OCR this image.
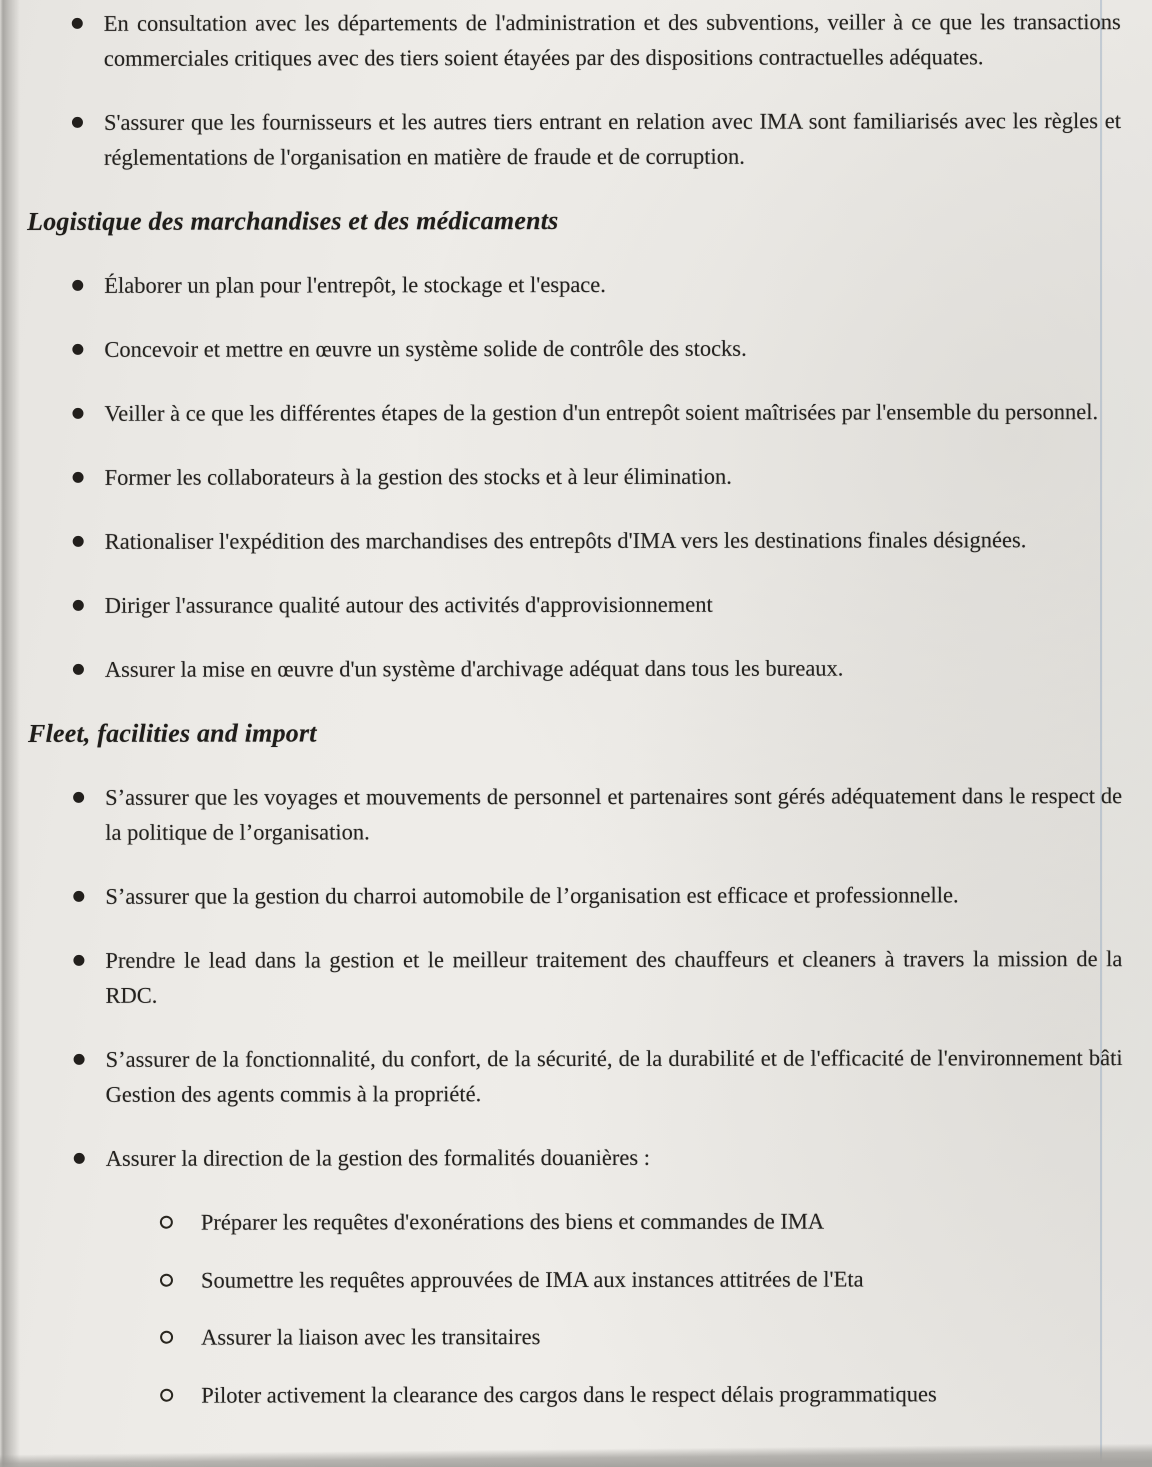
En consultation avec les départements de l'administration et des subventions, veiller à ce que les transactions commerciales critiques avec des tiers soient étayées par des dispositions contractuelles adéquates.

S'assurer que les fournisseurs et les autres tiers entrant en relation avec IMA sont familiarisés avec les règles et réglementations de l'organisation en matière de fraude et de corruption.

Logistique des marchandises et des médicaments

Élaborer un plan pour l'entrepôt, le stockage et l'espace.

Concevoir et mettre en œuvre un système solide de contrôle des stocks.

Veiller à ce que les différentes étapes de la gestion d'un entrepôt soient maîtrisées par l'ensemble du personnel.

Former les collaborateurs à la gestion des stocks et à leur élimination.

Rationaliser l'expédition des marchandises des entrepôts d'IMA vers les destinations finales désignées.

Diriger l'assurance qualité autour des activités d'approvisionnement

Assurer la mise en œuvre d'un système d'archivage adéquat dans tous les bureaux.

Fleet, facilities and import

S’assurer que les voyages et mouvements de personnel et partenaires sont gérés adéquatement dans le respect de la politique de l’organisation.

S’assurer que la gestion du charroi automobile de l’organisation est efficace et professionnelle.

Prendre le lead dans la gestion et le meilleur traitement des chauffeurs et cleaners à travers la mission de la RDC.

S’assurer de la fonctionnalité, du confort, de la sécurité, de la durabilité et de l'efficacité de l'environnement bâti Gestion des agents commis à la propriété.

Assurer la direction de la gestion des formalités douanières :

Préparer les requêtes d'exonérations des biens et commandes de IMA

Soumettre les requêtes approuvées de IMA aux instances attitrées de l'Eta

Assurer la liaison avec les transitaires

Piloter activement la clearance des cargos dans le respect délais programmatiques
